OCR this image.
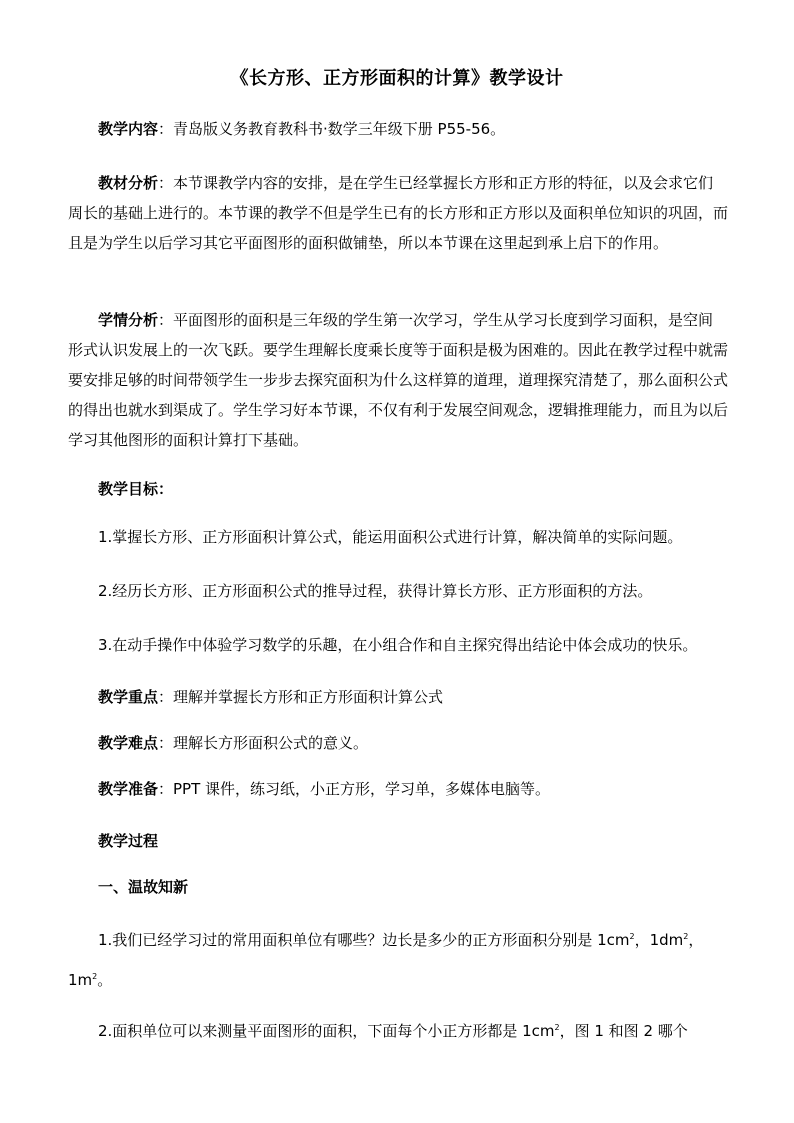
《长方形、正方形面积的计算》教学设计
教学内容：青岛版义务教育教科书·数学三年级下册 P55-56。
教材分析：本节课教学内容的安排，是在学生已经掌握长方形和正方形的特征，以及会求它们周长的基础上进行的。本节课的教学不但是学生已有的长方形和正方形以及面积单位知识的巩固，而且是为学生以后学习其它平面图形的面积做铺垫，所以本节课在这里起到承上启下的作用。
学情分析：平面图形的面积是三年级的学生第一次学习，学生从学习长度到学习面积，是空间形式认识发展上的一次飞跃。要学生理解长度乘长度等于面积是极为困难的。因此在教学过程中就需要安排足够的时间带领学生一步步去探究面积为什么这样算的道理，道理探究清楚了，那么面积公式的得出也就水到渠成了。学生学习好本节课，不仅有利于发展空间观念，逻辑推理能力，而且为以后学习其他图形的面积计算打下基础。
教学目标：
1.掌握长方形、正方形面积计算公式，能运用面积公式进行计算，解决简单的实际问题。
2.经历长方形、正方形面积公式的推导过程，获得计算长方形、正方形面积的方法。
3.在动手操作中体验学习数学的乐趣，在小组合作和自主探究得出结论中体会成功的快乐。
教学重点：理解并掌握长方形和正方形面积计算公式
教学难点：理解长方形面积公式的意义。
教学准备：PPT 课件，练习纸，小正方形，学习单，多媒体电脑等。
教学过程
一、温故知新
1.我们已经学习过的常用面积单位有哪些？边长是多少的正方形面积分别是 $1cm^2$，$1dm^2$，$1m^2$。
2.面积单位可以来测量平面图形的面积，下面每个小正方形都是 $1cm^2$，图 1 和图 2 哪个
